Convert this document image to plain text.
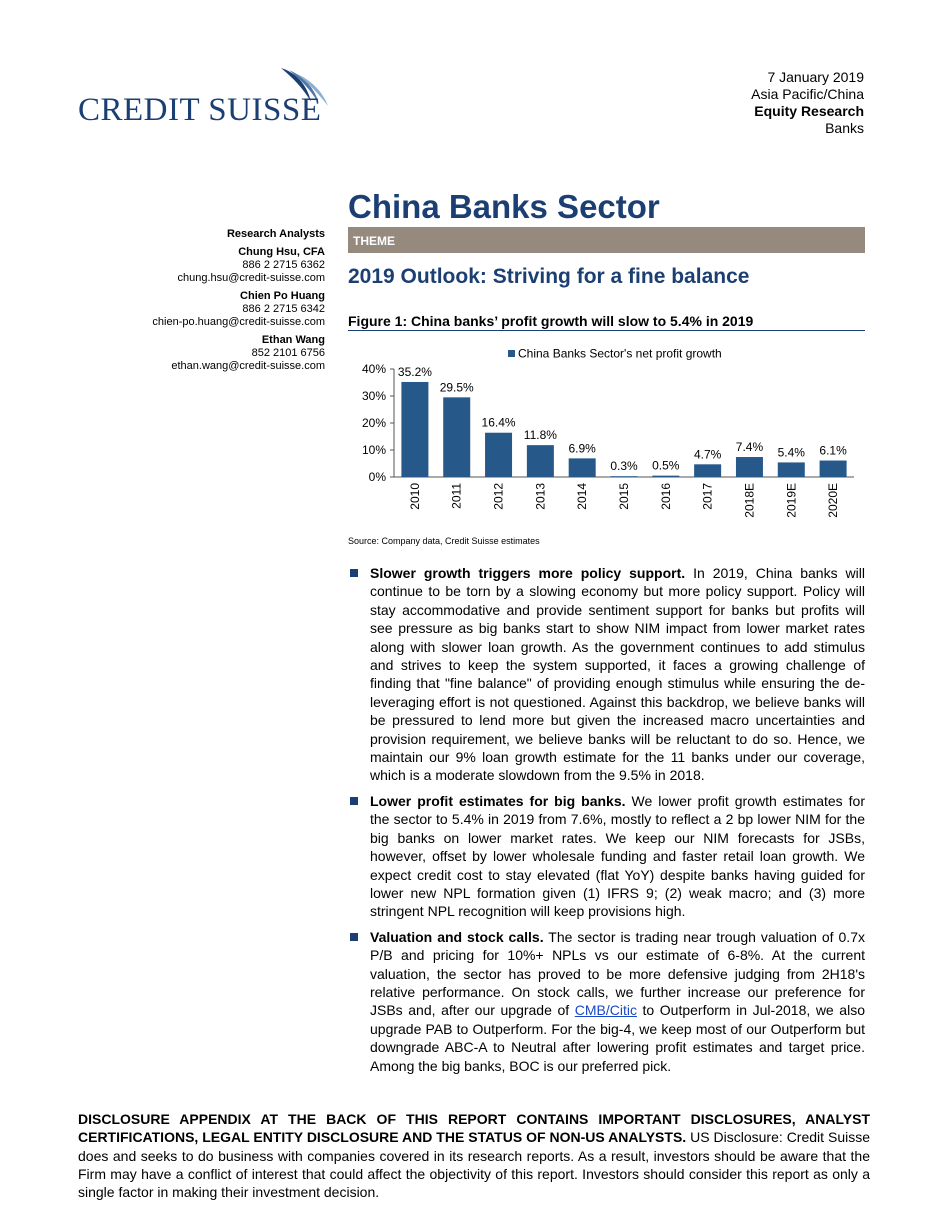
CREDIT SUISSE
7 January 2019
Asia Pacific/China
Equity Research
Banks
China Banks Sector
THEME
2019 Outlook: Striving for a fine balance
Research Analysts
Chung Hsu, CFA
886 2 2715 6362
chung.hsu@credit-suisse.com
Chien Po Huang
886 2 2715 6342
chien-po.huang@credit-suisse.com
Ethan Wang
852 2101 6756
ethan.wang@credit-suisse.com
Figure 1: China banks’ profit growth will slow to 5.4% in 2019
0%
10%
20%
30%
40% 35.2%
2010
29.5%
2011
16.4%
2012
11.8%
2013
6.9%
2014
0.3%
2015
0.5%
2016
4.7%
2017
7.4%
2018E
5.4%
2019E
6.1%
2020E
China Banks Sector's net profit growth
Source: Company data, Credit Suisse estimates
Slower growth triggers more policy support. In 2019, China banks will continue to be torn by a slowing economy but more policy support. Policy will stay accommodative and provide sentiment support for banks but profits will see pressure as big banks start to show NIM impact from lower market rates along with slower loan growth. As the government continues to add stimulus and strives to keep the system supported, it faces a growing challenge of finding that "fine balance" of providing enough stimulus while ensuring the de-leveraging effort is not questioned. Against this backdrop, we believe banks will be pressured to lend more but given the increased macro uncertainties and provision requirement, we believe banks will be reluctant to do so. Hence, we maintain our 9% loan growth estimate for the 11 banks under our coverage, which is a moderate slowdown from the 9.5% in 2018.
Lower profit estimates for big banks. We lower profit growth estimates for the sector to 5.4% in 2019 from 7.6%, mostly to reflect a 2 bp lower NIM for the big banks on lower market rates. We keep our NIM forecasts for JSBs, however, offset by lower wholesale funding and faster retail loan growth. We expect credit cost to stay elevated (flat YoY) despite banks having guided for lower new NPL formation given (1) IFRS 9; (2) weak macro; and (3) more stringent NPL recognition will keep provisions high.
Valuation and stock calls. The sector is trading near trough valuation of 0.7x P/B and pricing for 10%+ NPLs vs our estimate of 6-8%. At the current valuation, the sector has proved to be more defensive judging from 2H18's relative performance. On stock calls, we further increase our preference for JSBs and, after our upgrade of CMB/Citic to Outperform in Jul-2018, we also upgrade PAB to Outperform. For the big-4, we keep most of our Outperform but downgrade ABC-A to Neutral after lowering profit estimates and target price. Among the big banks, BOC is our preferred pick.
DISCLOSURE APPENDIX AT THE BACK OF THIS REPORT CONTAINS IMPORTANT DISCLOSURES, ANALYST CERTIFICATIONS, LEGAL ENTITY DISCLOSURE AND THE STATUS OF NON-US ANALYSTS. US Disclosure: Credit Suisse does and seeks to do business with companies covered in its research reports. As a result, investors should be aware that the Firm may have a conflict of interest that could affect the objectivity of this report. Investors should consider this report as only a single factor in making their investment decision.
